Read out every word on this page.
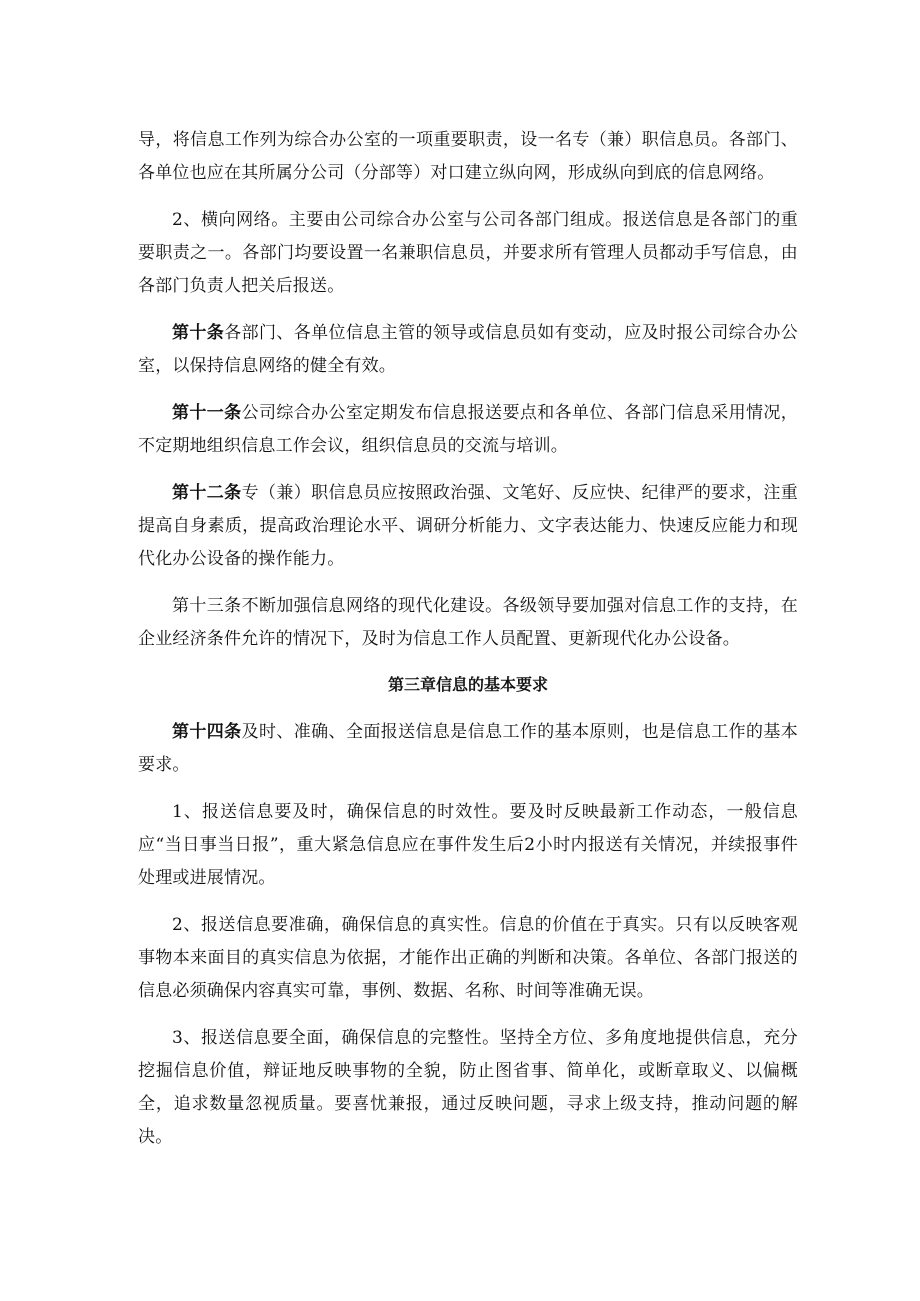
导，将信息工作列为综合办公室的一项重要职责，设一名专（兼）职信息员。各部门、各单位也应在其所属分公司（分部等）对口建立纵向网，形成纵向到底的信息网络。

2、横向网络。主要由公司综合办公室与公司各部门组成。报送信息是各部门的重要职责之一。各部门均要设置一名兼职信息员，并要求所有管理人员都动手写信息，由各部门负责人把关后报送。

第十条各部门、各单位信息主管的领导或信息员如有变动，应及时报公司综合办公室，以保持信息网络的健全有效。

第十一条公司综合办公室定期发布信息报送要点和各单位、各部门信息采用情况，不定期地组织信息工作会议，组织信息员的交流与培训。

第十二条专（兼）职信息员应按照政治强、文笔好、反应快、纪律严的要求，注重提高自身素质，提高政治理论水平、调研分析能力、文字表达能力、快速反应能力和现代化办公设备的操作能力。

第十三条不断加强信息网络的现代化建设。各级领导要加强对信息工作的支持，在企业经济条件允许的情况下，及时为信息工作人员配置、更新现代化办公设备。

第三章信息的基本要求

第十四条及时、准确、全面报送信息是信息工作的基本原则，也是信息工作的基本要求。

1、报送信息要及时，确保信息的时效性。要及时反映最新工作动态，一般信息应“当日事当日报”，重大紧急信息应在事件发生后2小时内报送有关情况，并续报事件处理或进展情况。

2、报送信息要准确，确保信息的真实性。信息的价值在于真实。只有以反映客观事物本来面目的真实信息为依据，才能作出正确的判断和决策。各单位、各部门报送的信息必须确保内容真实可靠，事例、数据、名称、时间等准确无误。

3、报送信息要全面，确保信息的完整性。坚持全方位、多角度地提供信息，充分挖掘信息价值，辩证地反映事物的全貌，防止图省事、简单化，或断章取义、以偏概全，追求数量忽视质量。要喜忧兼报，通过反映问题，寻求上级支持，推动问题的解决。
